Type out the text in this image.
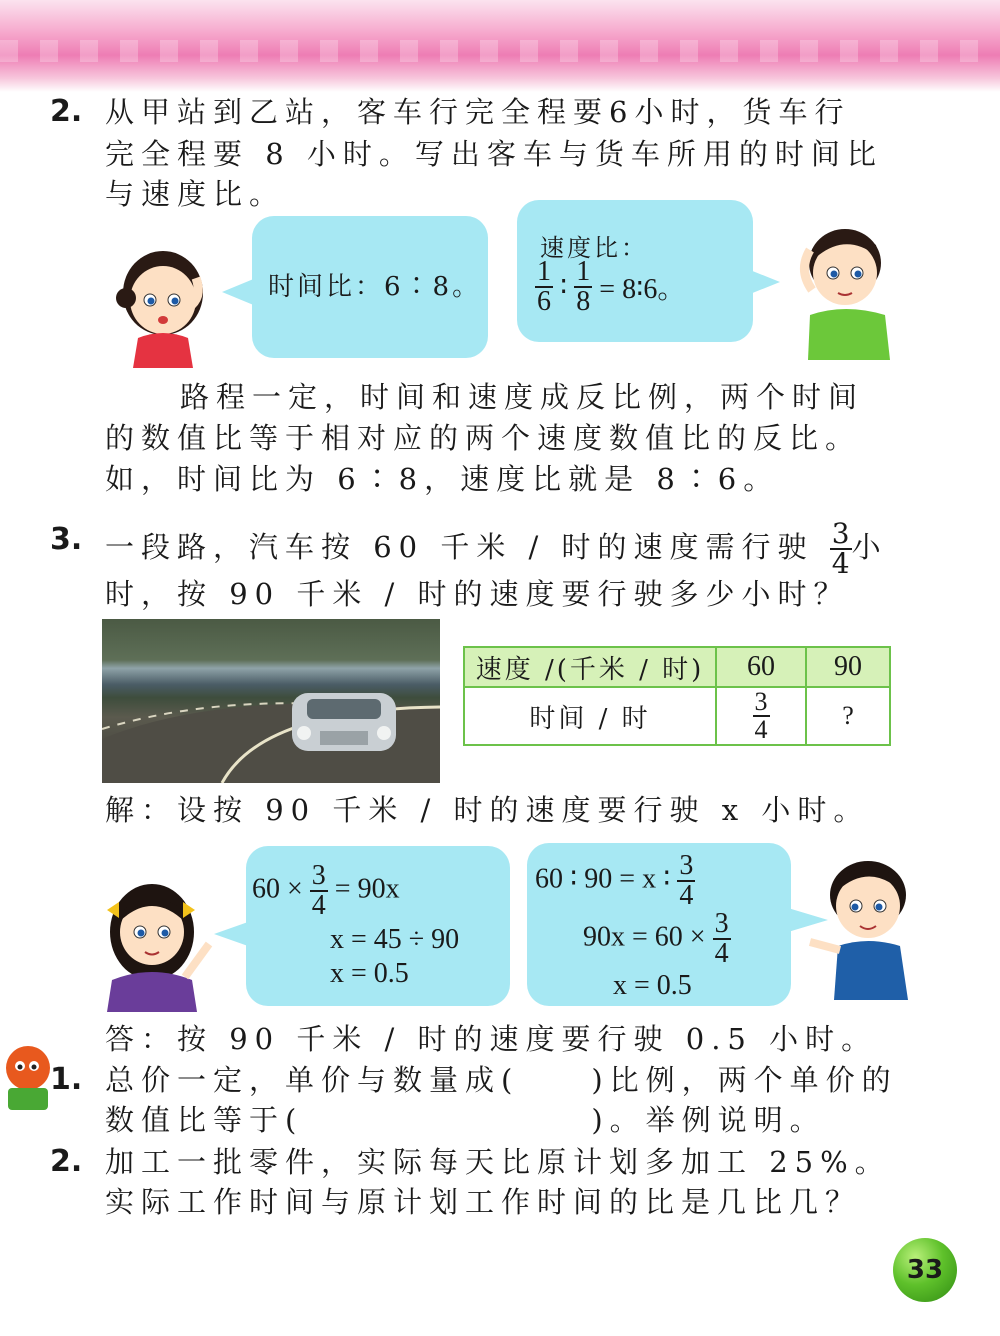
2. 从甲站到乙站，客车行完全程要6小时，货车行
完全程要 8 小时。写出客车与货车所用的时间比
与速度比。
时间比：6∶8。
速度比：
$\frac{1}{6}$ ∶ $\frac{1}{8}$ = 8∶6。
路程一定，时间和速度成反比例，两个时间
的数值比等于相对应的两个速度数值比的反比。
如，时间比为 6∶8，速度比就是 8∶6。
3. 一段路，汽车按 60 千米 / 时的速度需行驶 $\frac{3}{4}$ 小
时，按 90 千米 / 时的速度要行驶多少小时？
速度 /(千米 / 时)	60	90
时间 / 时	$\frac{3}{4}$	?
解：设按 90 千米 / 时的速度要行驶 x 小时。
$60 \times \frac{3}{4} = 90x$
x = 45 ÷ 90
x = 0.5
60 ∶ 90 = x ∶ $\frac{3}{4}$
$90x = 60 \times \frac{3}{4}$
x = 0.5
答：按 90 千米 / 时的速度要行驶 0.5 小时。
1. 总价一定，单价与数量成(　　)比例，两个单价的
数值比等于(　　　　　　　　)。举例说明。
2. 加工一批零件，实际每天比原计划多加工 25%。
实际工作时间与原计划工作时间的比是几比几？
33
